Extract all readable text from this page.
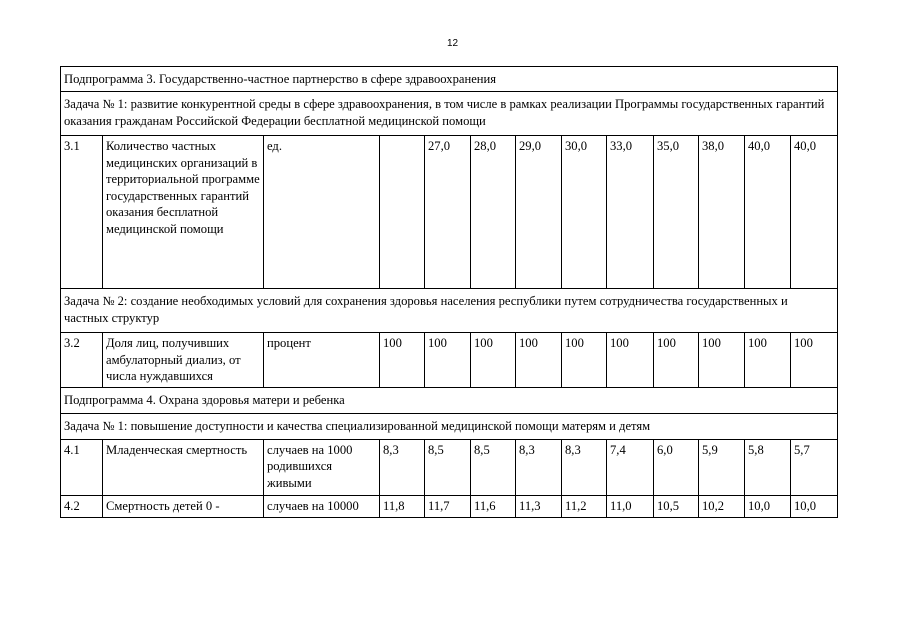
12
Подпрограмма 3. Государственно-частное партнерство в сфере здравоохранения												
Задача № 1: развитие конкурентной среды в сфере здравоохранения, в том числе в рамках реализации Программы государственных гарантий оказания гражданам Российской Федерации бесплатной медицинской помощи												
3.1	Количество частных медицинских организаций в территориальной программе государственных гарантий оказания бесплатной медицинской помощи	ед.		27,0	28,0	29,0	30,0	33,0	35,0	38,0	40,0	40,0
Задача № 2: создание необходимых условий для сохранения здоровья населения республики путем сотрудничества государственных и частных структур												
3.2	Доля лиц, получивших амбулаторный диализ, от числа нуждавшихся	процент	100	100	100	100	100	100	100	100	100	100
Подпрограмма 4. Охрана здоровья матери и ребенка												
Задача № 1: повышение доступности и качества специализированной медицинской помощи матерям и детям												
4.1	Младенческая смертность	случаев на 1000 родившихся живыми	8,3	8,5	8,5	8,3	8,3	7,4	6,0	5,9	5,8	5,7
4.2	Смертность детей 0 -	случаев на 10000	11,8	11,7	11,6	11,3	11,2	11,0	10,5	10,2	10,0	10,0
